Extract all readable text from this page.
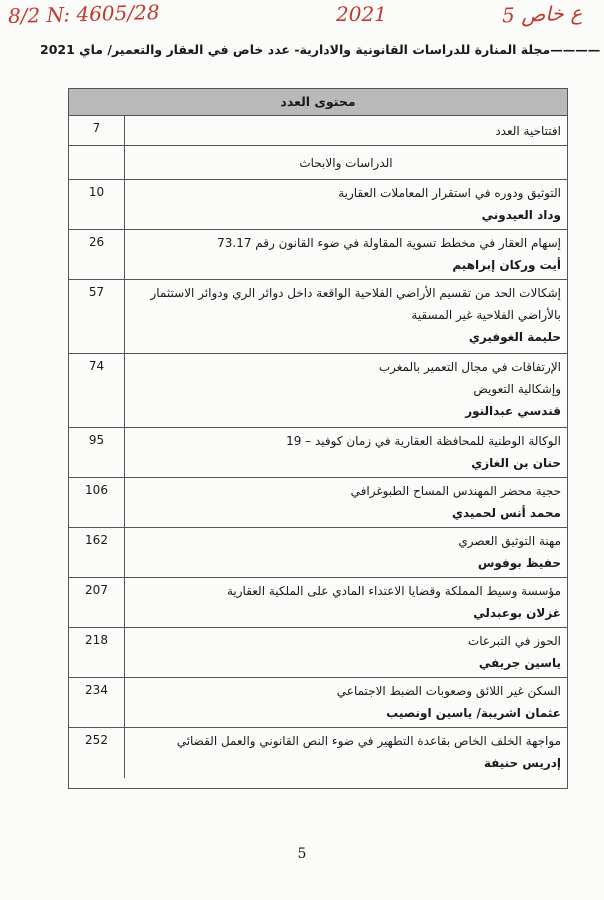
8/2 N: 4605/28	2021	ع خاص 5
مجلة المنارة للدراسات القانونية والادارية- عدد خاص في العقار والتعمير/ ماي 2021————
محتوى العدد
افتتاحية العدد
7
الدراسات والابحاث
التوثيق ودوره في استقرار المعاملات العقارية
وداد العيدوني
10
إسهام العقار في مخطط تسوية المقاولة في ضوء القانون رقم 73.17
أيت وركان إبراهيم
26
إشكالات الحد من تقسيم الأراضي الفلاحية الواقعة داخل دوائر الري ودوائر الاستثمار
بالأراضي الفلاحية غير المسقية
حليمة الغوفيري
57
الإرتفاقات في مجال التعمير بالمغرب
وإشكالية التعويض
قندسي عبدالنور
74
الوكالة الوطنية للمحافظة العقارية في زمان كوفيد – 19
حنان بن الغازي
95
حجية محضر المهندس المساح الطبوغرافي
محمد أنس لحميدي
106
مهنة التوثيق العصري
حفيظ بوفوس
162
مؤسسة وسيط المملكة وقضايا الاعتداء المادي على الملكية العقارية
غزلان بوعبدلي
207
الحوز في التبرعات
ياسين جريفي
218
السكن غير اللائق وصعوبات الضبط الاجتماعي
عثمان اشريبة/ ياسين اونصيب
234
مواجهة الخلف الخاص بقاعدة التطهير في ضوء النص القانوني والعمل القضائي
إدريس حنيفة
252
5
